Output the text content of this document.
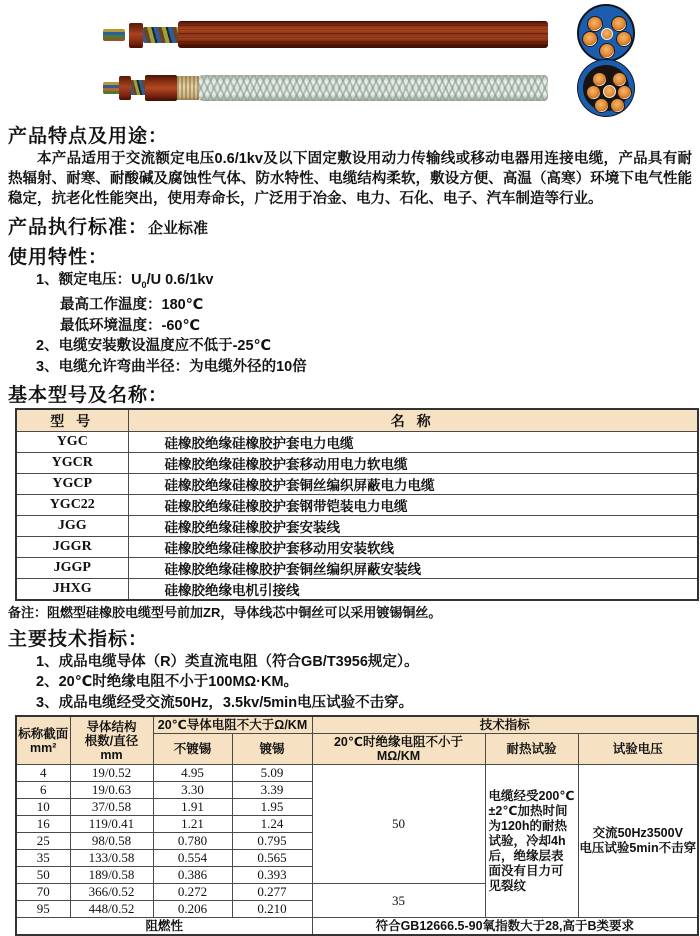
产品特点及用途：
本产品适用于交流额定电压0.6/1kv及以下固定敷设用动力传输线或移动电器用连接电缆，产品具有耐热辐射、耐寒、耐酸碱及腐蚀性气体、防水特性、电缆结构柔软，敷设方便、高温（高寒）环境下电气性能稳定，抗老化性能突出，使用寿命长，广泛用于冶金、电力、石化、电子、汽车制造等行业。
产品执行标准：企业标准
使用特性：
1、额定电压：$U_0/U$ 0.6/1kv
最高工作温度：180℃
最低环境温度：-60℃
2、电缆安装敷设温度应不低于-25℃
3、电缆允许弯曲半径：为电缆外径的10倍
基本型号及名称：
型 号	名 称
YGC	硅橡胶绝缘硅橡胶护套电力电缆
YGCR	硅橡胶绝缘硅橡胶护套移动用电力软电缆
YGCP	硅橡胶绝缘硅橡胶护套铜丝编织屏蔽电力电缆
YGC22	硅橡胶绝缘硅橡胶护套钢带铠装电力电缆
JGG	硅橡胶绝缘硅橡胶护套安装线
JGGR	硅橡胶绝缘硅橡胶护套移动用安装软线
JGGP	硅橡胶绝缘硅橡胶护套铜丝编织屏蔽安装线
JHXG	硅橡胶绝缘电机引接线
备注：阻燃型硅橡胶电缆型号前加ZR，导体线芯中铜丝可以采用镀锡铜丝。
主要技术指标：
1、成品电缆导体（R）类直流电阻（符合GB/T3956规定）。
2、20℃时绝缘电阻不小于100MΩ·KM。
3、成品电缆经受交流50Hz，3.5kv/5min电压试验不击穿。
标称截面
mm²	导体结构
根数/直径
mm	20℃导体电阻不大于Ω/KM		技术指标		
		不镀锡	镀锡	20℃时绝缘电阻不小于MΩ/KM	耐热试验	试验电压
4	19/0.52	4.95	5.09	50	电缆经受200℃±2℃加热时间为120h的耐热试验，冷却4h后，绝缘层表面没有目力可见裂纹	交流50Hz3500V
电压试验5min不击穿
6	19/0.63	3.30	3.39			
10	37/0.58	1.91	1.95			
16	119/0.41	1.21	1.24			
25	98/0.58	0.780	0.795			
35	133/0.58	0.554	0.565			
50	189/0.58	0.386	0.393			
70	366/0.52	0.272	0.277	35		
95	448/0.52	0.206	0.210			
阻燃性				符合GB12666.5-90氧指数大于28,高于B类要求		
